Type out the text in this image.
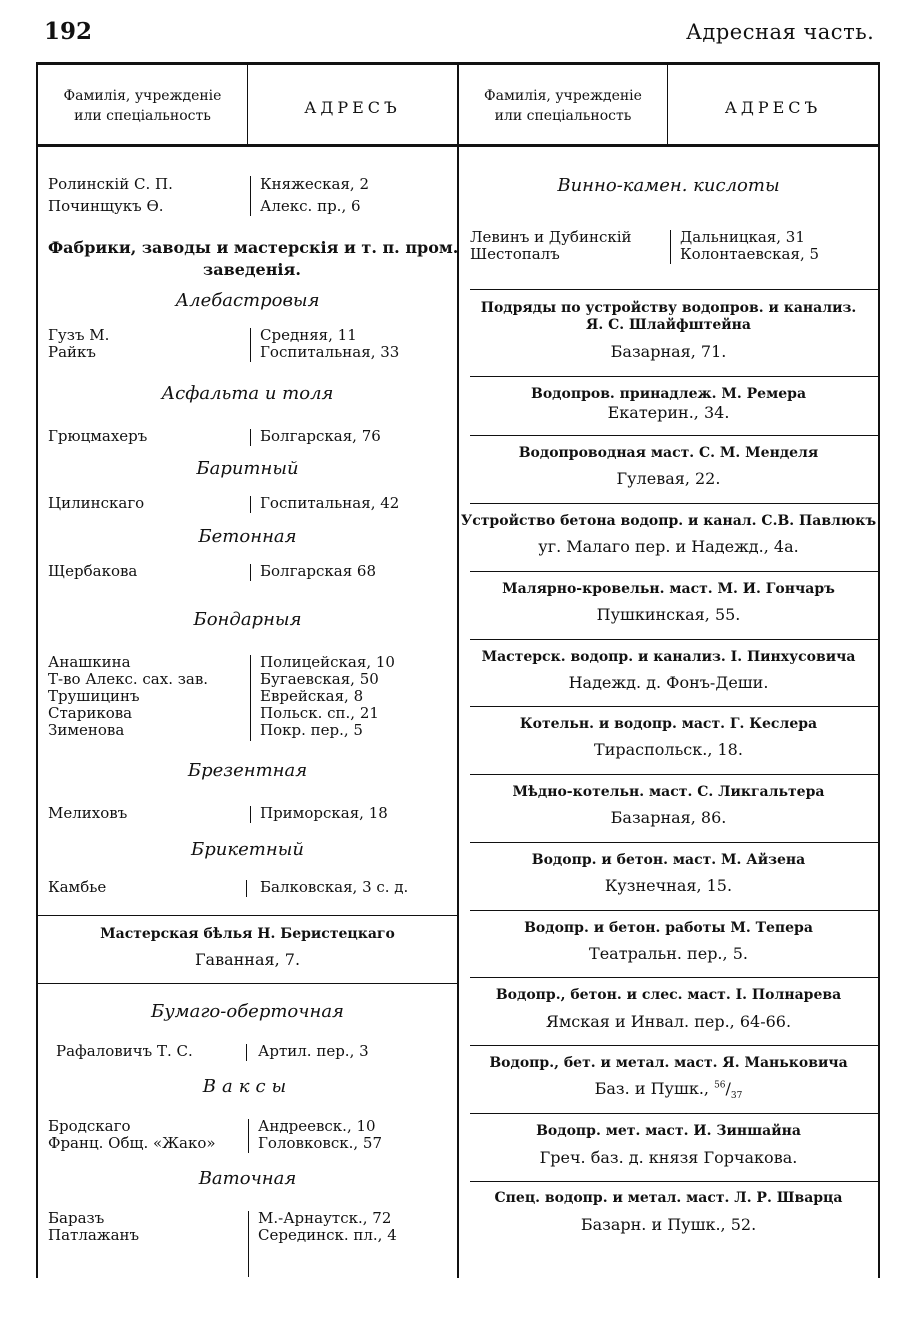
192	Адресная часть.
Фамилія, учрежденіе
или спеціальность	АДРЕСЪ
Фамилія, учрежденіе
или спеціальность	АДРЕСЪ
Ролинскій С. П.	Княжеская, 2
Починщукъ Ѳ.	Алекс. пр., 6
Фабрики, заводы и мастерскія и т. п. пром.
заведенія.
Алебастровыя
Гузъ М.	Средняя, 11
Райкъ	Госпитальная, 33
Асфальта и толя
Грюцмахеръ	Болгарская, 76
Баритный
Цилинскаго	Госпитальная, 42
Бетонная
Щербакова	Болгарская 68
Бондарныя
Анашкина	Полицейская, 10
Т-во Алекс. сах. зав.	Бугаевская, 50
Трушицинъ	Еврейская, 8
Старикова	Польск. сп., 21
Зименова	Покр. пер., 5
Брезентная
Мелиховъ	Приморская, 18
Брикетный
Камбье	Балковская, 3 с. д.
Мастерская бѣлья Н. Беристецкаго
Гаванная, 7.
Бумаго-оберточная
Рафаловичъ Т. С.	Артил. пер., 3
Ваксы
Бродскаго	Андреевск., 10
Франц. Общ. «Жако»	Головковск., 57
Ваточная
Баразъ	М.-Арнаутск., 72
Патлажанъ	Серединск. пл., 4
Винно-камен. кислоты
Левинъ и Дубинскій	Дальницкая, 31
Шестопалъ	Колонтаевская, 5
Подряды по устройству водопров. и канализ.
Я. С. Шлайфштейна
Базарная, 71.
Водопров. принадлеж. М. Ремера
Екатерин., 34.
Водопроводная маст. С. М. Менделя
Гулевая, 22.
Устройство бетона водопр. и канал. С.В. Павлюкъ
уг. Малаго пер. и Надежд., 4а.
Малярно-кровельн. маст. М. И. Гончаръ
Пушкинская, 55.
Мастерск. водопр. и канализ. І. Пинхусовича
Надежд. д. Фонъ-Деши.
Котельн. и водопр. маст. Г. Кеслера
Тираспольск., 18.
Мѣдно-котельн. маст. С. Ликгальтера
Базарная, 86.
Водопр. и бетон. маст. М. Айзена
Кузнечная, 15.
Водопр. и бетон. работы М. Тепера
Театральн. пер., 5.
Водопр., бетон. и слес. маст. І. Полнарева
Ямская и Инвал. пер., 64-66.
Водопр., бет. и метал. маст. Я. Маньковича
Баз. и Пушк., $^{56}/_{37}$
Водопр. мет. маст. И. Зиншайна
Греч. баз. д. князя Горчакова.
Спец. водопр. и метал. маст. Л. Р. Шварца
Базарн. и Пушк., 52.
